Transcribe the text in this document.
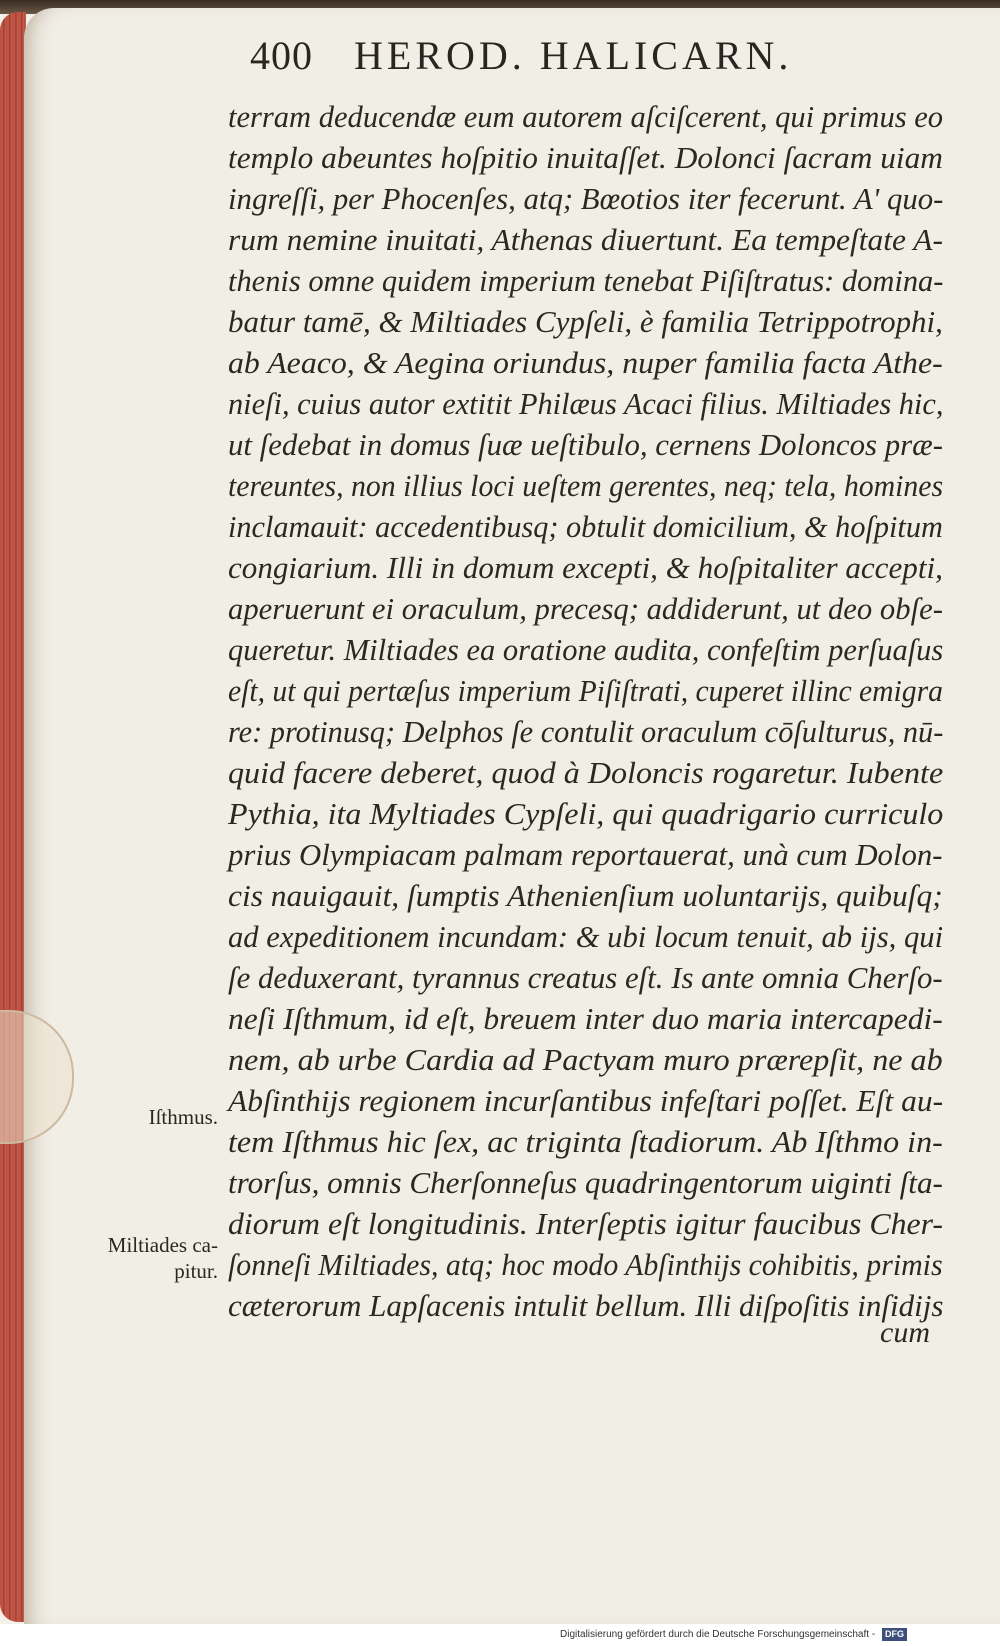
400 HEROD. HALICARN.
terram deducendæ eum autorem aſciſcerent, qui primus eo
templo abeuntes hoſpitio inuitaſſet. Dolonci ſacram uiam
ingreſſi, per Phocenſes, atq; Bœotios iter fecerunt. A' quo-
rum nemine inuitati, Athenas diuertunt. Ea tempeſtate A-
thenis omne quidem imperium tenebat Piſiſtratus: domina-
batur tamē, & Miltiades Cypſeli, è familia Tetrippotrophi,
ab Aeaco, & Aegina oriundus, nuper familia facta Athe-
nieſi, cuius autor extitit Philæus Acaci filius. Miltiades hic,
ut ſedebat in domus ſuæ ueſtibulo, cernens Doloncos præ-
tereuntes, non illius loci ueſtem gerentes, neq; tela, homines
inclamauit: accedentibusq; obtulit domicilium, & hoſpitum
congiarium. Illi in domum excepti, & hoſpitaliter accepti,
aperuerunt ei oraculum, precesq; addiderunt, ut deo obſe-
queretur. Miltiades ea oratione audita, confeſtim perſuaſus
eſt, ut qui pertæſus imperium Piſiſtrati, cuperet illinc emigra
re: protinusq; Delphos ſe contulit oraculum cōſulturus, nū-
quid facere deberet, quod à Doloncis rogaretur. Iubente
Pythia, ita Myltiades Cypſeli, qui quadrigario curriculo
prius Olympiacam palmam reportauerat, unà cum Dolon-
cis nauigauit, ſumptis Athenienſium uoluntarijs, quibuſq;
ad expeditionem incundam: & ubi locum tenuit, ab ijs, qui
ſe deduxerant, tyrannus creatus eſt. Is ante omnia Cherſo-
neſi Iſthmum, id eſt, breuem inter duo maria intercapedi-
nem, ab urbe Cardia ad Pactyam muro prærepſit, ne ab
Abſinthijs regionem incurſantibus infeſtari poſſet. Eſt au-
tem Iſthmus hic ſex, ac triginta ſtadiorum. Ab Iſthmo in-
trorſus, omnis Cherſonneſus quadringentorum uiginti ſta-
diorum eſt longitudinis. Interſeptis igitur faucibus Cher-
ſonneſi Miltiades, atq; hoc modo Abſinthijs cohibitis, primis
cæterorum Lapſacenis intulit bellum. Illi diſpoſitis inſidijs
cum
Iſthmus.
Miltiades ca-
pitur.
Digitalisierung gefördert durch die Deutsche Forschungsgemeinschaft - DFG
